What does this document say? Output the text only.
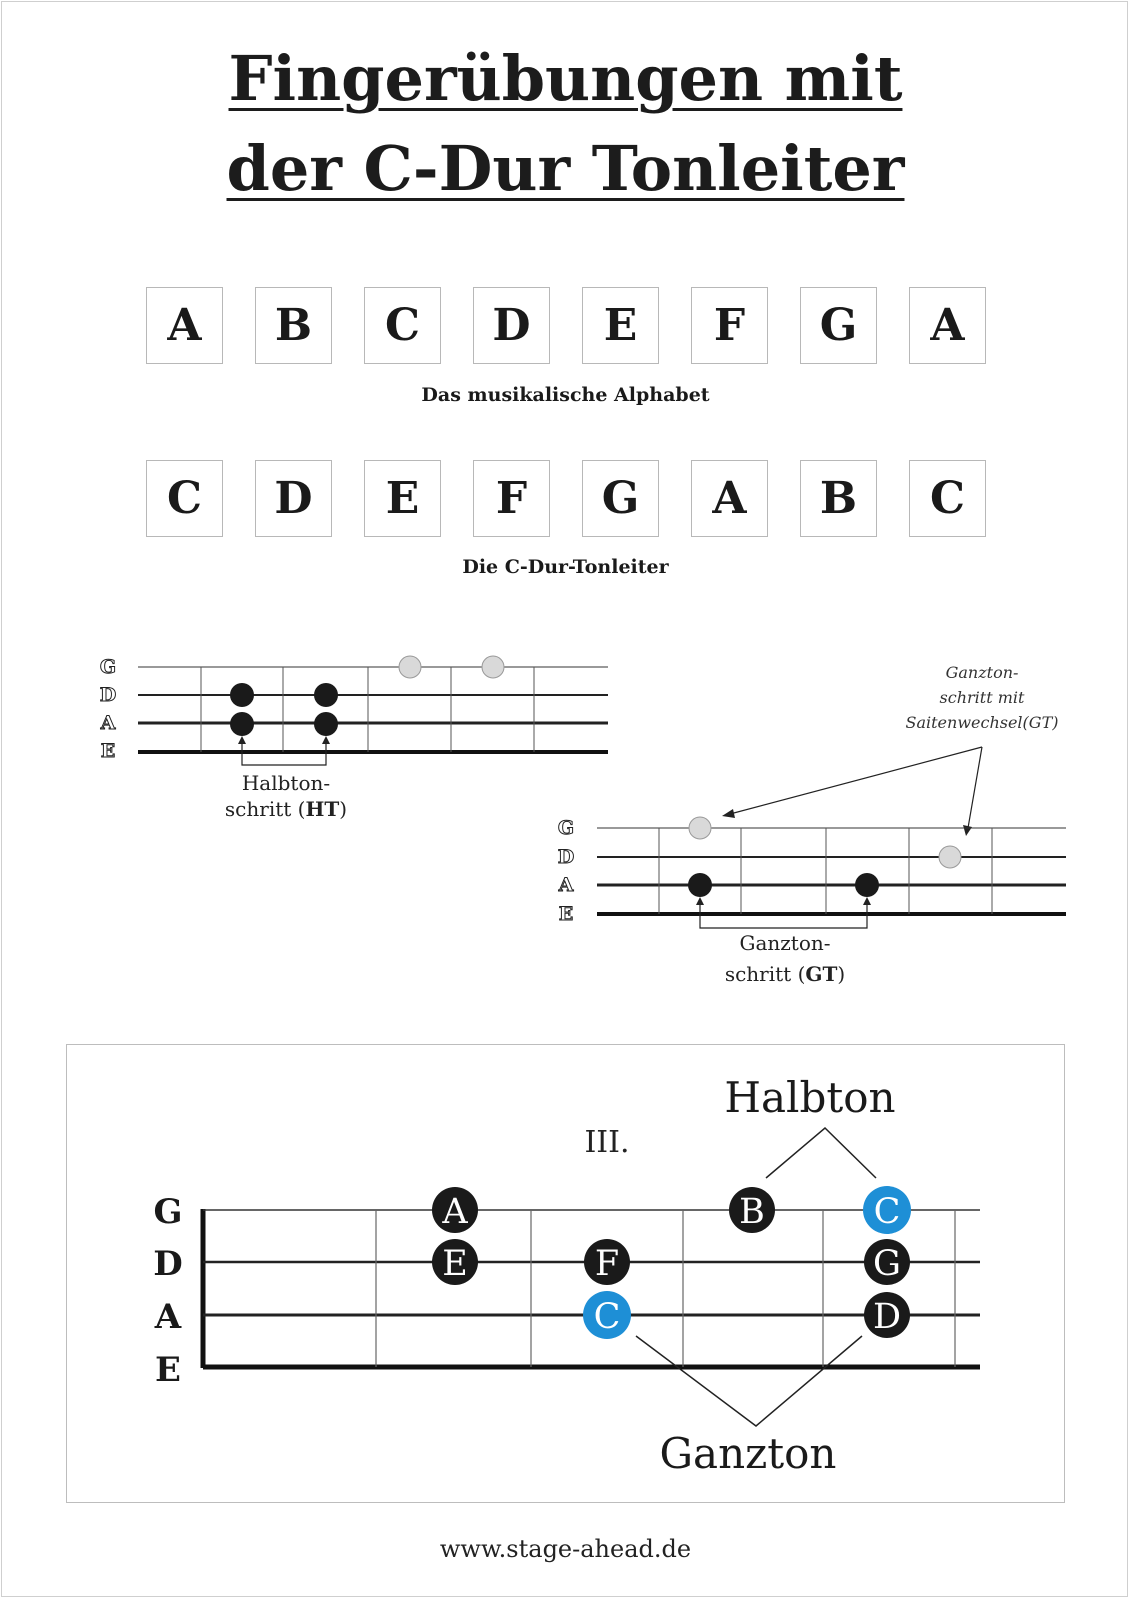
Fingerübungen mit
der C-Dur Tonleiter
A	B	C	D	E	F	G	A
Das musikalische Alphabet
C	D	E	F	G	A	B	C
Die C-Dur-Tonleiter
G
D
A
E
Halbton-
schritt (HT)
Ganzton-
schritt mit
Saitenwechsel(GT)
G
D
A
E
Ganzton-
schritt (GT)
Halbton
III.
G
D
A
E
A
E	F
C
B	C
G
D
Ganzton
www.stage-ahead.de
